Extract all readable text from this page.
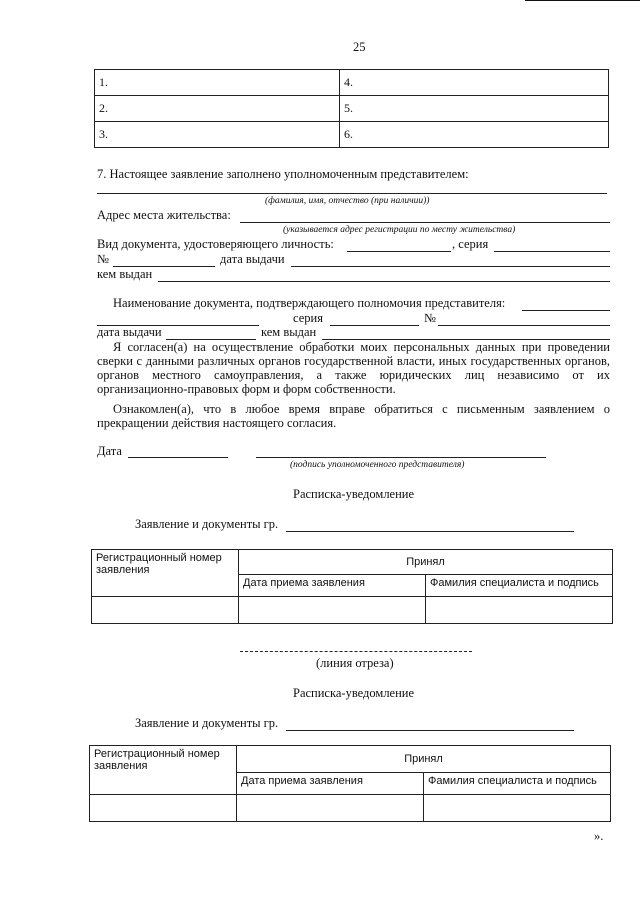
25
1.	4.
2.	5.
3.	6.
7. Настоящее заявление заполнено уполномоченным представителем:
(фамилия, имя, отчество (при наличии))
Адрес места жительства:
(указывается адрес регистрации по месту жительства)
Вид документа, удостоверяющего личность:	, серия
№	дата выдачи
кем выдан
Наименование документа, подтверждающего полномочия представителя:
серия	№
дата выдачи	кем выдан
Я согласен(а) на осуществление обработки моих персональных данных при проведении сверки с данными различных органов государственной власти, иных государственных органов, органов местного самоуправления, а также юридических лиц независимо от их организационно-правовых форм и форм собственности.
Ознакомлен(а), что в любое время вправе обратиться с письменным заявлением о прекращении действия настоящего согласия.
Дата
(подпись уполномоченного представителя)
Расписка-уведомление
Заявление и документы гр.
Регистрационный номер заявления	Принял	
	Дата приема заявления	Фамилия специалиста и подпись

(линия отреза)
Расписка-уведомление
Заявление и документы гр.
Регистрационный номер заявления	Принял	
	Дата приема заявления	Фамилия специалиста и подпись

».
